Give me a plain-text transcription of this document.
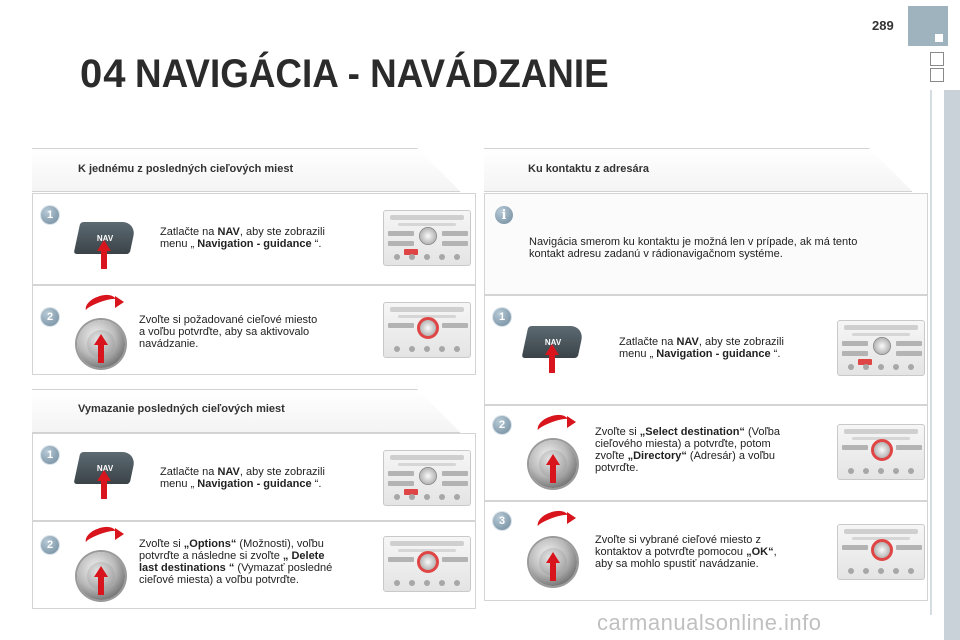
289
04 NAVIGÁCIA - NAVÁDZANIE
K jednému z posledných cieľových miest
1
NAV	Zatlačte na NAV, aby ste zobrazili
menu „ Navigation - guidance “.
2	Zvoľte si požadované cieľové miesto
a voľbu potvrďte, aby sa aktivovalo
navádzanie.
Vymazanie posledných cieľových miest
1
NAV	Zatlačte na NAV, aby ste zobrazili
menu „ Navigation - guidance “.
2	Zvoľte si „Options“ (Možnosti), voľbu
potvrďte a následne si zvoľte „ Delete
last destinations “ (Vymazať posledné
cieľové miesta) a voľbu potvrďte.
Ku kontaktu z adresára
i
Navigácia smerom ku kontaktu je možná len v prípade, ak má tento
kontakt adresu zadanú v rádionavigačnom systéme.
1
NAV	Zatlačte na NAV, aby ste zobrazili
menu „ Navigation - guidance “.
2
Zvoľte si „Select destination“ (Voľba
cieľového miesta) a potvrďte, potom
zvoľte „Directory“ (Adresár) a voľbu
potvrďte.
3
Zvoľte si vybrané cieľové miesto z
kontaktov a potvrďte pomocou „OK“,
aby sa mohlo spustiť navádzanie.
carmanualsonline.info
